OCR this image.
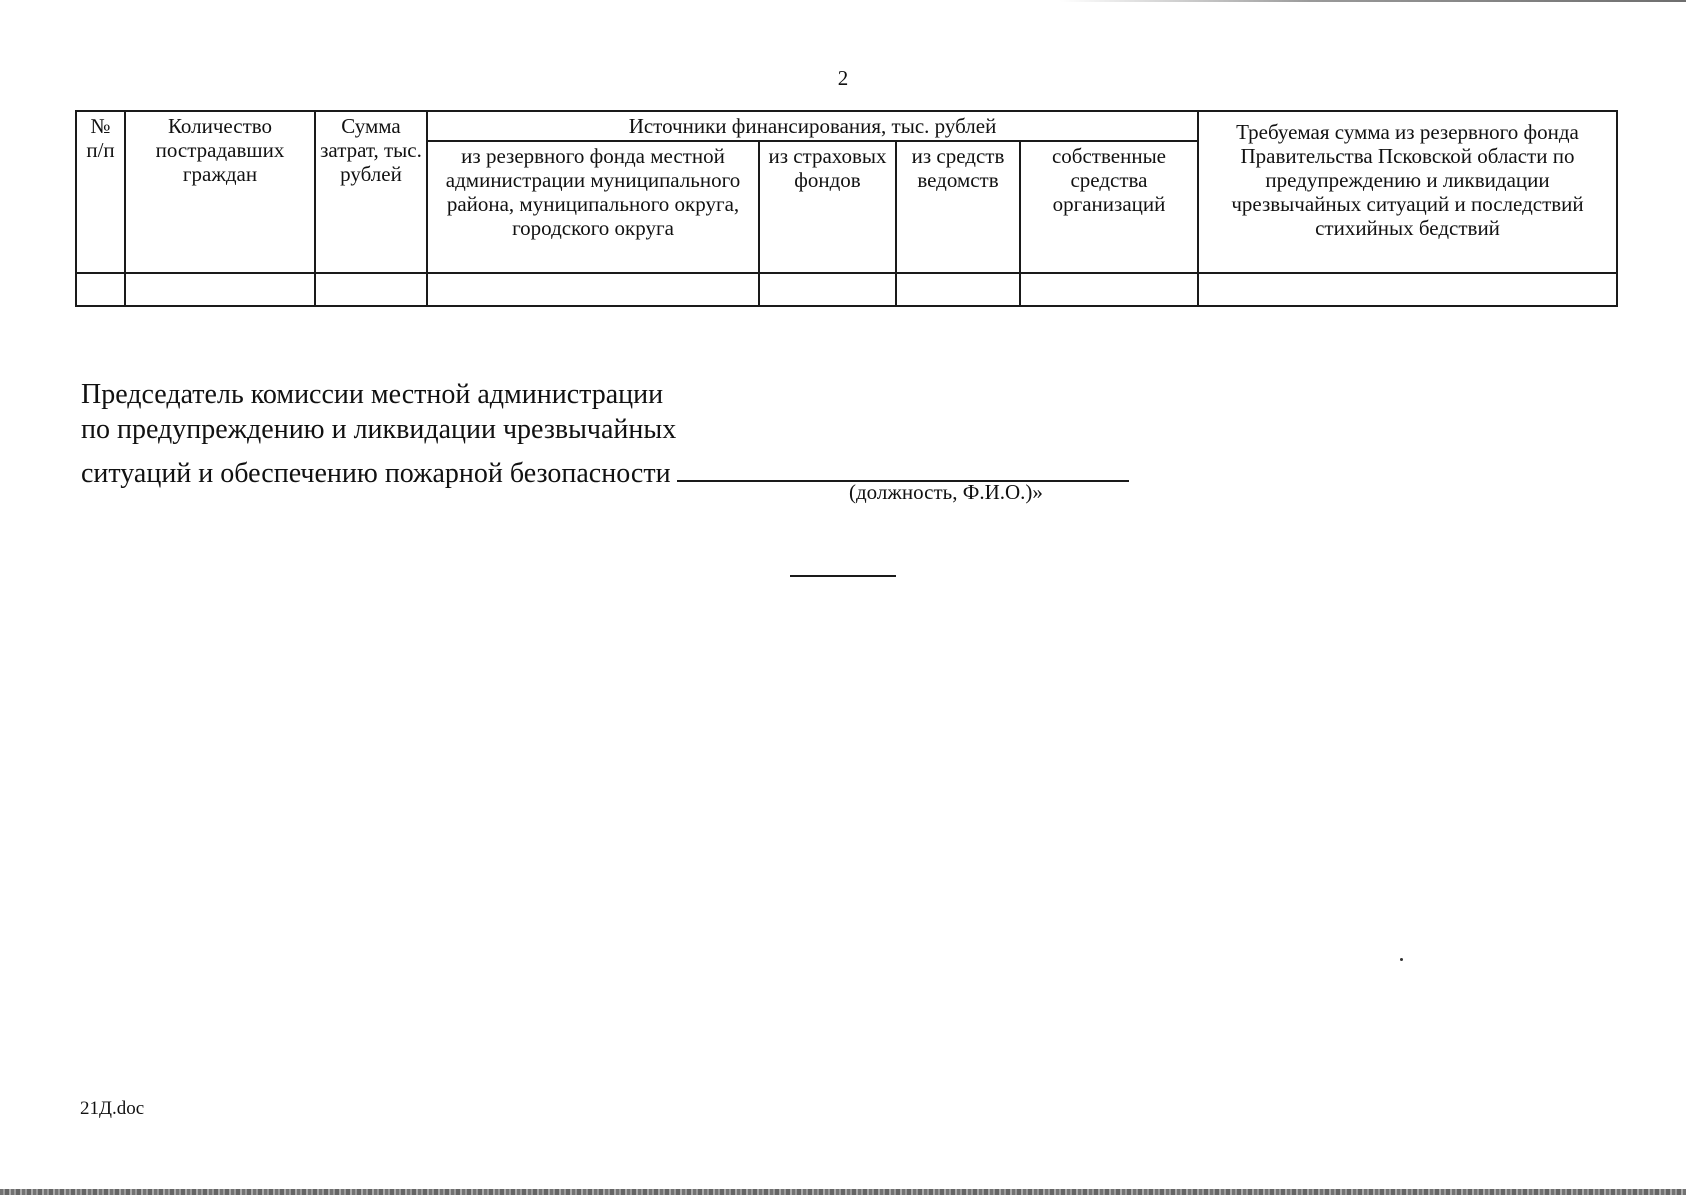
2
№ п/п	Количество пострадавших граждан	Сумма затрат, тыс. рублей	Источники финансирования, тыс. рублей				Требуемая сумма из резервного фонда Правительства Псковской области по предупреждению и ликвидации чрезвычайных ситуаций и последствий стихийных бедствий
			из резервного фонда местной администрации муниципального района, муниципального округа, городского округа	из страховых фондов	из средств ведомств	собственные средства организаций	

Председатель комиссии местной администрации
по предупреждению и ликвидации чрезвычайных
ситуаций и обеспечению пожарной безопасности
(должность, Ф.И.О.)»
21Д.doc
